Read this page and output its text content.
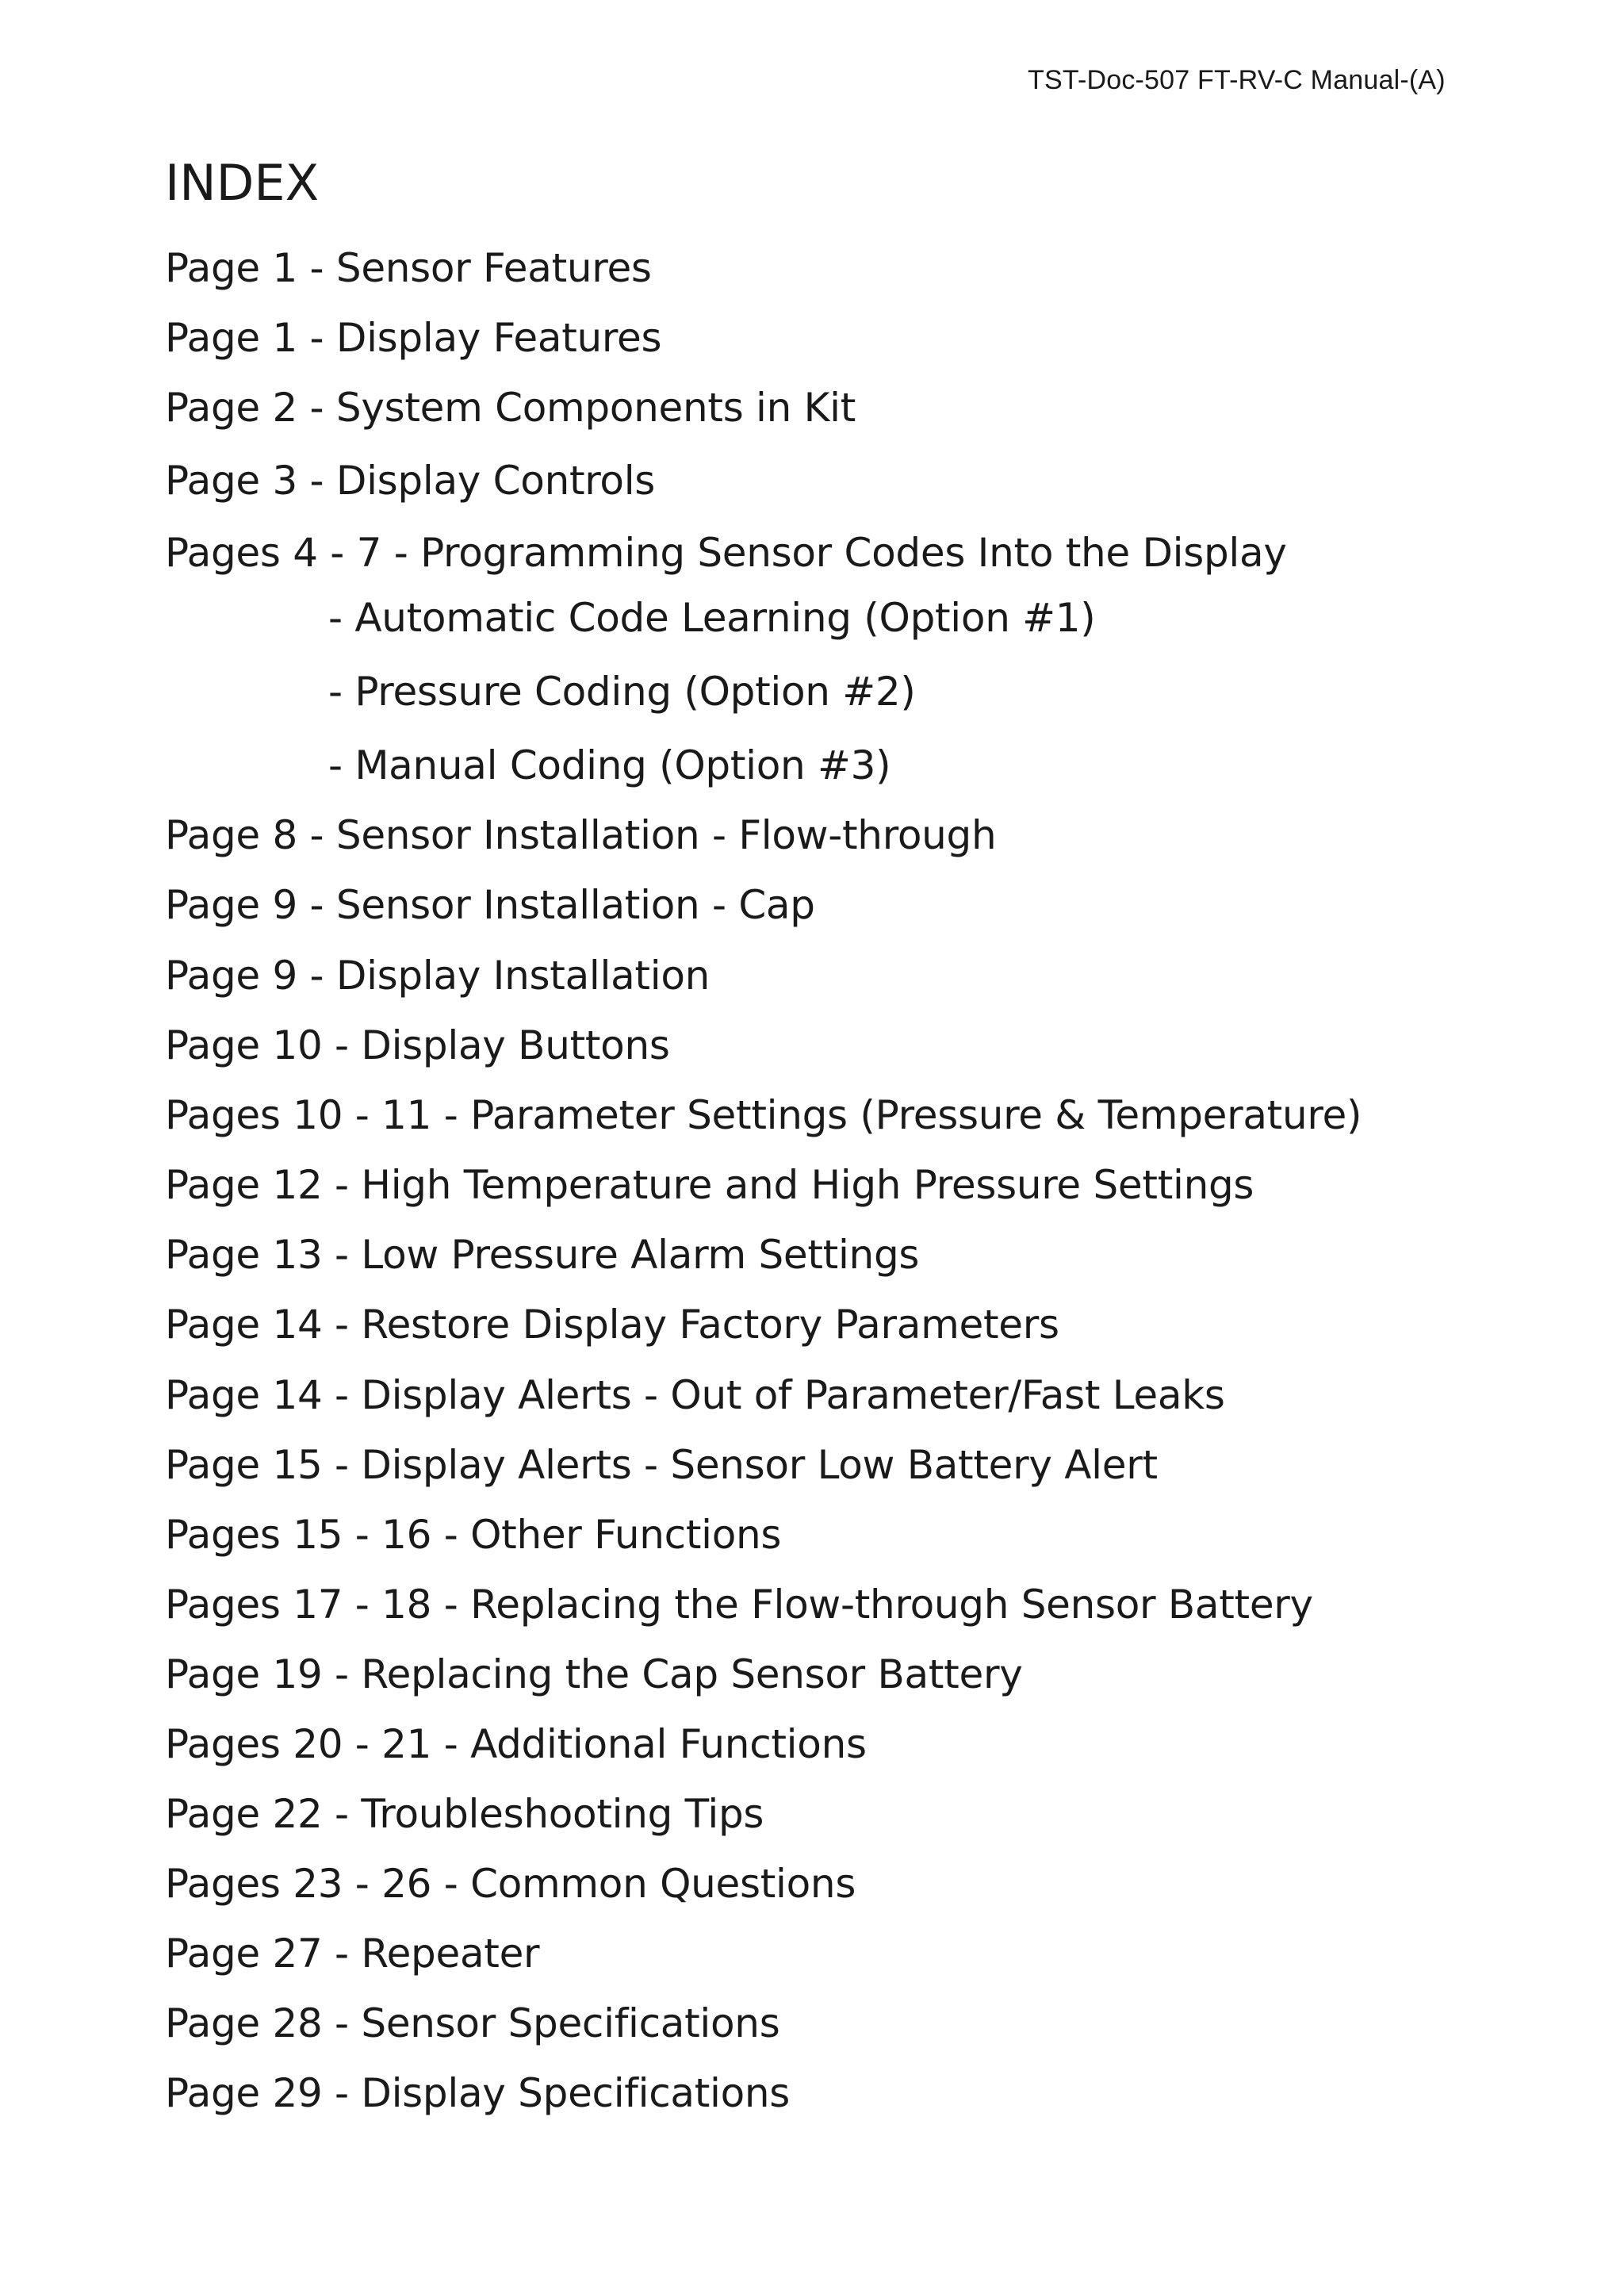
TST-Doc-507 FT-RV-C Manual-(A)
INDEX
Page 1 - Sensor Features
Page 1 - Display Features
Page 2 - System Components in Kit
Page 3 - Display Controls
Pages 4 - 7 - Programming Sensor Codes Into the Display
- Automatic Code Learning (Option #1)
- Pressure Coding (Option #2)
- Manual Coding (Option #3)
Page 8 - Sensor Installation - Flow-through
Page 9 - Sensor Installation - Cap
Page 9 - Display Installation
Page 10 - Display Buttons
Pages 10 - 11 - Parameter Settings (Pressure & Temperature)
Page 12 - High Temperature and High Pressure Settings
Page 13 - Low Pressure Alarm Settings
Page 14 - Restore Display Factory Parameters
Page 14 - Display Alerts - Out of Parameter/Fast Leaks
Page 15 - Display Alerts - Sensor Low Battery Alert
Pages 15 - 16 - Other Functions
Pages 17 - 18 - Replacing the Flow-through Sensor Battery
Page 19 - Replacing the Cap Sensor Battery
Pages 20 - 21 - Additional Functions
Page 22 - Troubleshooting Tips
Pages 23 - 26 - Common Questions
Page 27 - Repeater
Page 28 - Sensor Specifications
Page 29 - Display Specifications
